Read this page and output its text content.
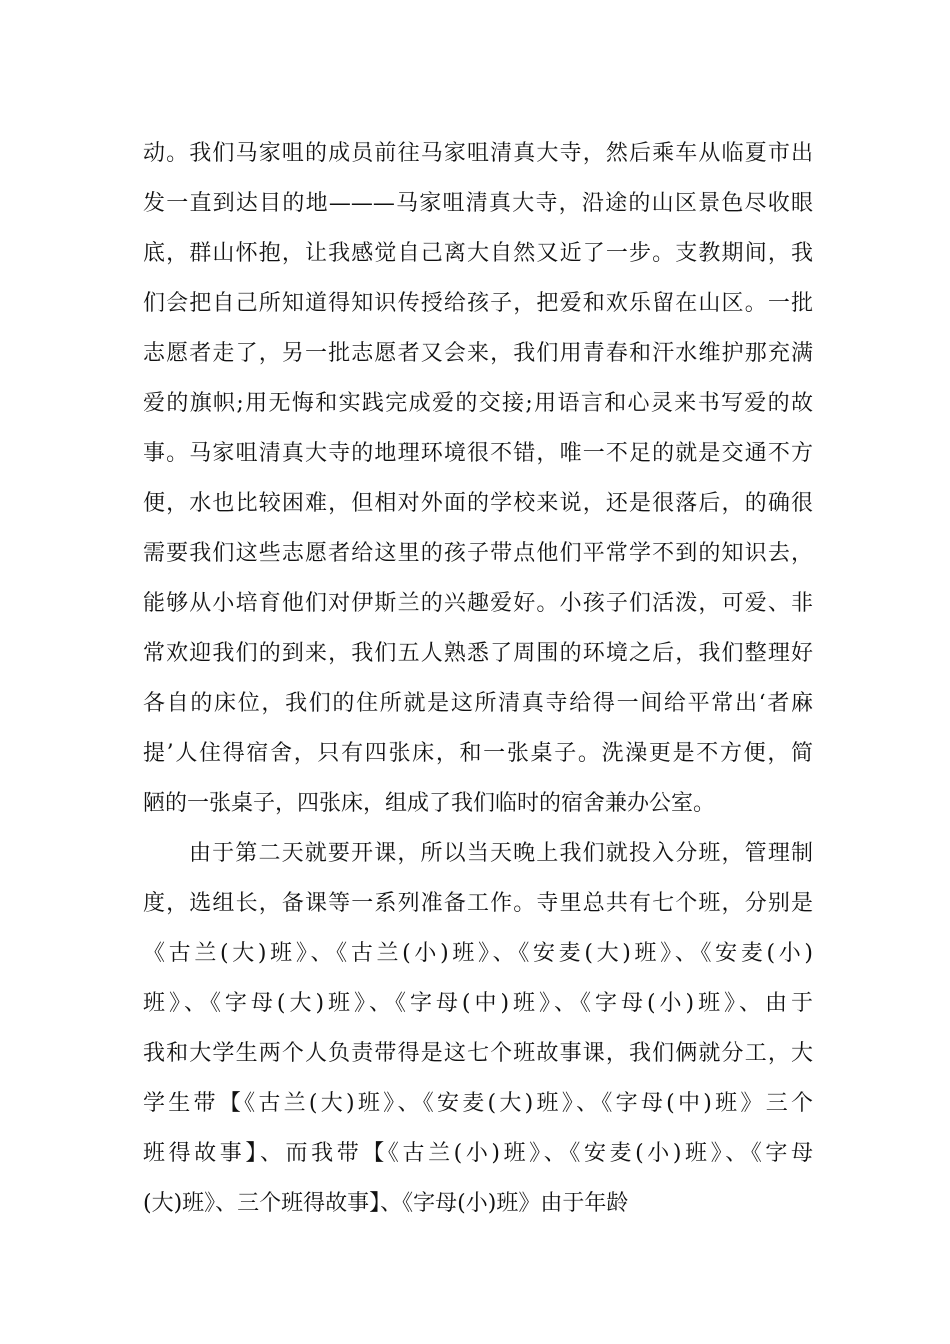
动。我们马家咀的成员前往马家咀清真大寺，然后乘车从临夏市出
发一直到达目的地———马家咀清真大寺，沿途的山区景色尽收眼
底，群山怀抱，让我感觉自己离大自然又近了一步。支教期间，我
们会把自己所知道得知识传授给孩子，把爱和欢乐留在山区。一批
志愿者走了，另一批志愿者又会来，我们用青春和汗水维护那充满
爱的旗帜;用无悔和实践完成爱的交接;用语言和心灵来书写爱的故
事。马家咀清真大寺的地理环境很不错，唯一不足的就是交通不方
便，水也比较困难，但相对外面的学校来说，还是很落后，的确很
需要我们这些志愿者给这里的孩子带点他们平常学不到的知识去，
能够从小培育他们对伊斯兰的兴趣爱好。小孩子们活泼，可爱、非
常欢迎我们的到来，我们五人熟悉了周围的环境之后，我们整理好
各自的床位，我们的住所就是这所清真寺给得一间给平常出‘者麻
提’人住得宿舍，只有四张床，和一张桌子。洗澡更是不方便，简
陋的一张桌子，四张床，组成了我们临时的宿舍兼办公室。
由于第二天就要开课，所以当天晚上我们就投入分班，管理制
度，选组长，备课等一系列准备工作。寺里总共有七个班，分别是
《古兰(大)班》、《古兰(小)班》、《安麦(大)班》、《安麦(小)
班》、《字母(大)班》、《字母(中)班》、《字母(小)班》、由于
我和大学生两个人负责带得是这七个班故事课，我们俩就分工，大
学生带【《古兰(大)班》、《安麦(大)班》、《字母(中)班》三个
班得故事】、而我带【《古兰(小)班》、《安麦(小)班》、《字母
(大)班》、三个班得故事】、《字母(小)班》由于年龄
